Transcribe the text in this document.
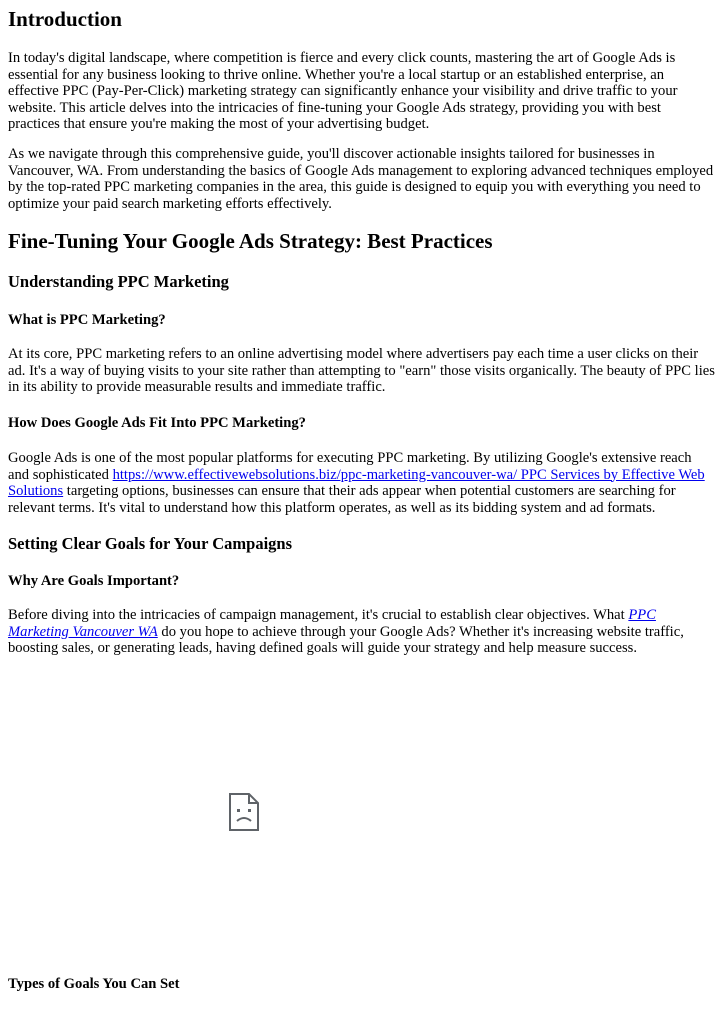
Introduction

In today's digital landscape, where competition is fierce and every click counts, mastering the art of Google Ads is essential for any business looking to thrive online. Whether you're a local startup or an established enterprise, an effective PPC (Pay-Per-Click) marketing strategy can significantly enhance your visibility and drive traffic to your website. This article delves into the intricacies of fine-tuning your Google Ads strategy, providing you with best practices that ensure you're making the most of your advertising budget.

As we navigate through this comprehensive guide, you'll discover actionable insights tailored for businesses in Vancouver, WA. From understanding the basics of Google Ads management to exploring advanced techniques employed by the top-rated PPC marketing companies in the area, this guide is designed to equip you with everything you need to optimize your paid search marketing efforts effectively.

Fine-Tuning Your Google Ads Strategy: Best Practices
Understanding PPC Marketing
What is PPC Marketing?

At its core, PPC marketing refers to an online advertising model where advertisers pay each time a user clicks on their ad. It's a way of buying visits to your site rather than attempting to "earn" those visits organically. The beauty of PPC lies in its ability to provide measurable results and immediate traffic.

How Does Google Ads Fit Into PPC Marketing?

Google Ads is one of the most popular platforms for executing PPC marketing. By utilizing Google's extensive reach and sophisticated https://www.effectivewebsolutions.biz/ppc-marketing-vancouver-wa/ PPC Services by Effective Web Solutions targeting options, businesses can ensure that their ads appear when potential customers are searching for relevant terms. It's vital to understand how this platform operates, as well as its bidding system and ad formats.

Setting Clear Goals for Your Campaigns
Why Are Goals Important?

Before diving into the intricacies of campaign management, it's crucial to establish clear objectives. What PPC Marketing Vancouver WA do you hope to achieve through your Google Ads? Whether it's increasing website traffic, boosting sales, or generating leads, having defined goals will guide your strategy and help measure success.

Types of Goals You Can Set
